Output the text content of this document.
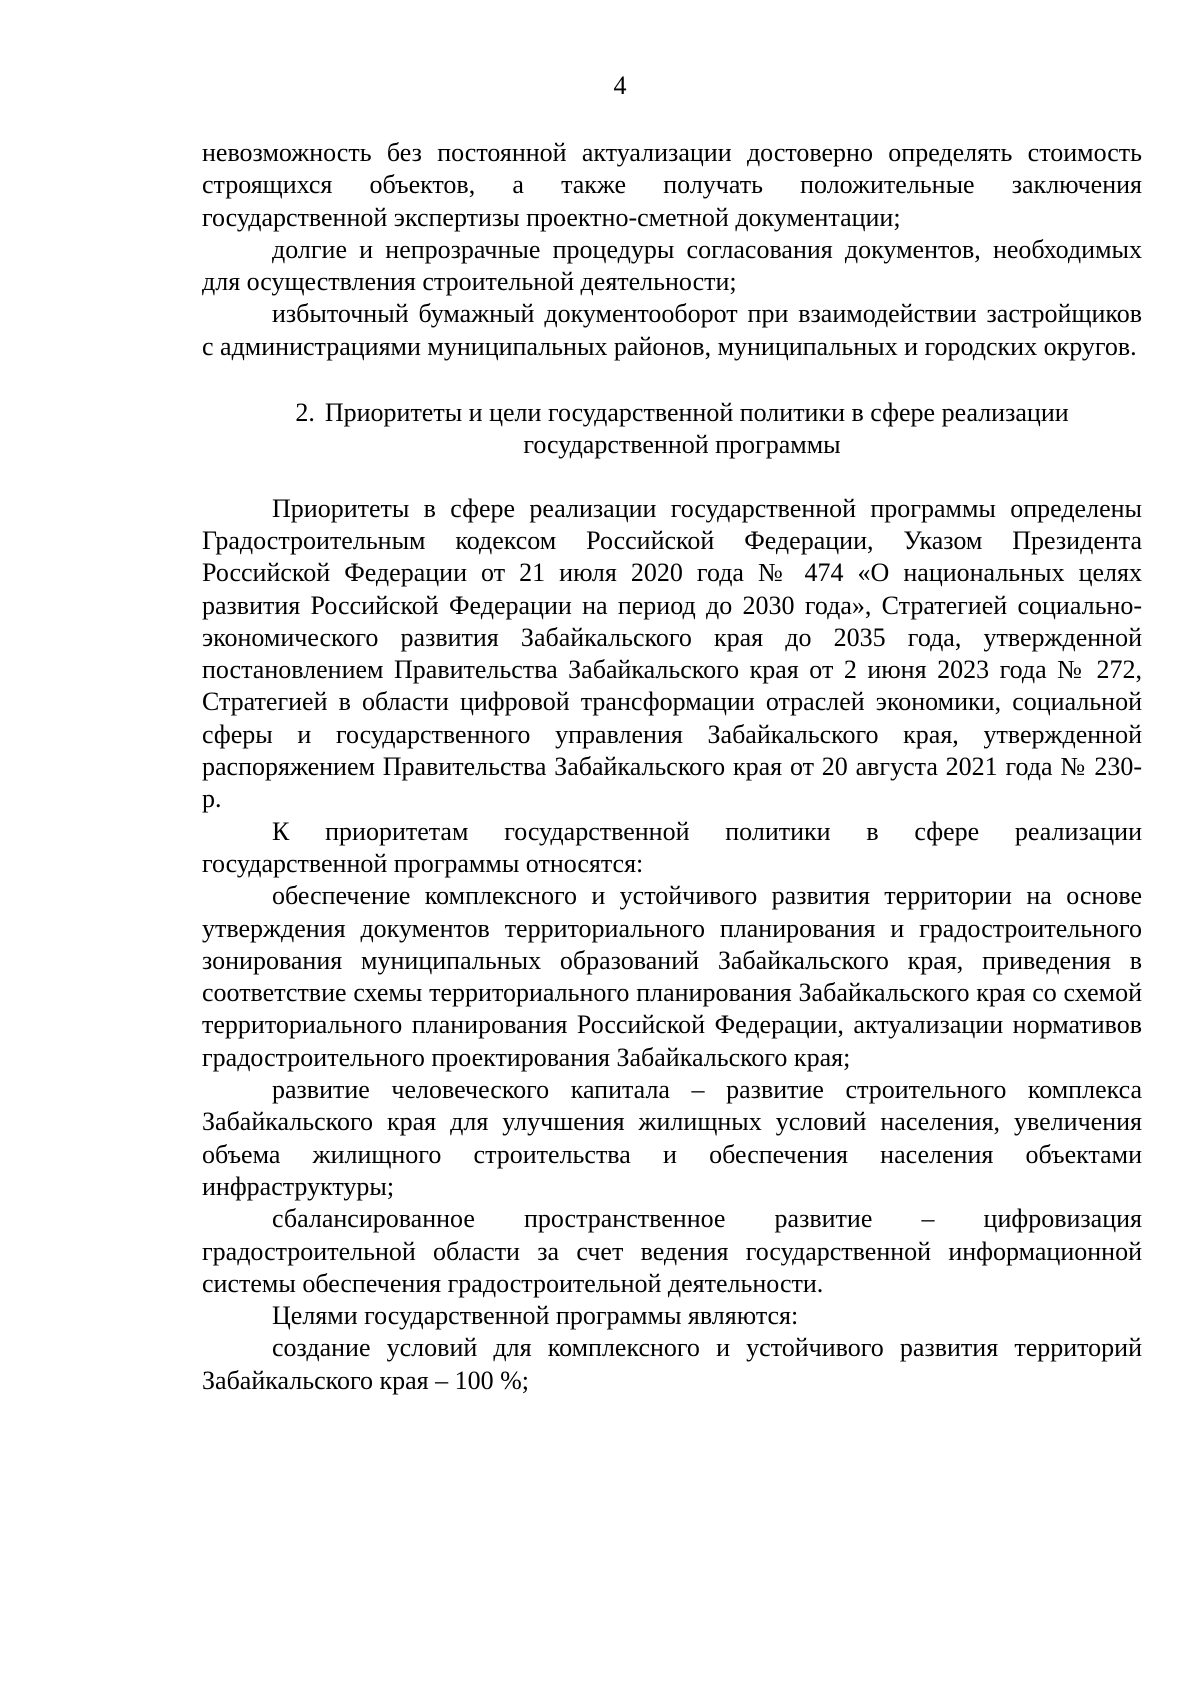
4

невозможность без постоянной актуализации достоверно определять стоимость строящихся объектов, а также получать положительные заключения государственной экспертизы проектно-сметной документации;

долгие и непрозрачные процедуры согласования документов, необходимых для осуществления строительной деятельности;

избыточный бумажный документооборот при взаимодействии застройщиков с администрациями муниципальных районов, муниципальных и городских округов.

2. Приоритеты и цели государственной политики в сфере реализации
государственной программы

Приоритеты в сфере реализации государственной программы определены Градостроительным кодексом Российской Федерации, Указом Президента Российской Федерации от 21 июля 2020 года № 474 «О национальных целях развития Российской Федерации на период до 2030 года», Стратегией социально-экономического развития Забайкальского края до 2035 года, утвержденной постановлением Правительства Забайкальского края от 2 июня 2023 года № 272, Стратегией в области цифровой трансформации отраслей экономики, социальной сферы и государственного управления Забайкальского края, утвержденной распоряжением Правительства Забайкальского края от 20 августа 2021 года № 230-р.

К приоритетам государственной политики в сфере реализации государственной программы относятся:

обеспечение комплексного и устойчивого развития территории на основе утверждения документов территориального планирования и градостроительного зонирования муниципальных образований Забайкальского края, приведения в соответствие схемы территориального планирования Забайкальского края со схемой территориального планирования Российской Федерации, актуализации нормативов градостроительного проектирования Забайкальского края;

развитие человеческого капитала – развитие строительного комплекса Забайкальского края для улучшения жилищных условий населения, увеличения объема жилищного строительства и обеспечения населения объектами инфраструктуры;

сбалансированное пространственное развитие – цифровизация градостроительной области за счет ведения государственной информационной системы обеспечения градостроительной деятельности.

Целями государственной программы являются:

создание условий для комплексного и устойчивого развития территорий Забайкальского края – 100 %;
